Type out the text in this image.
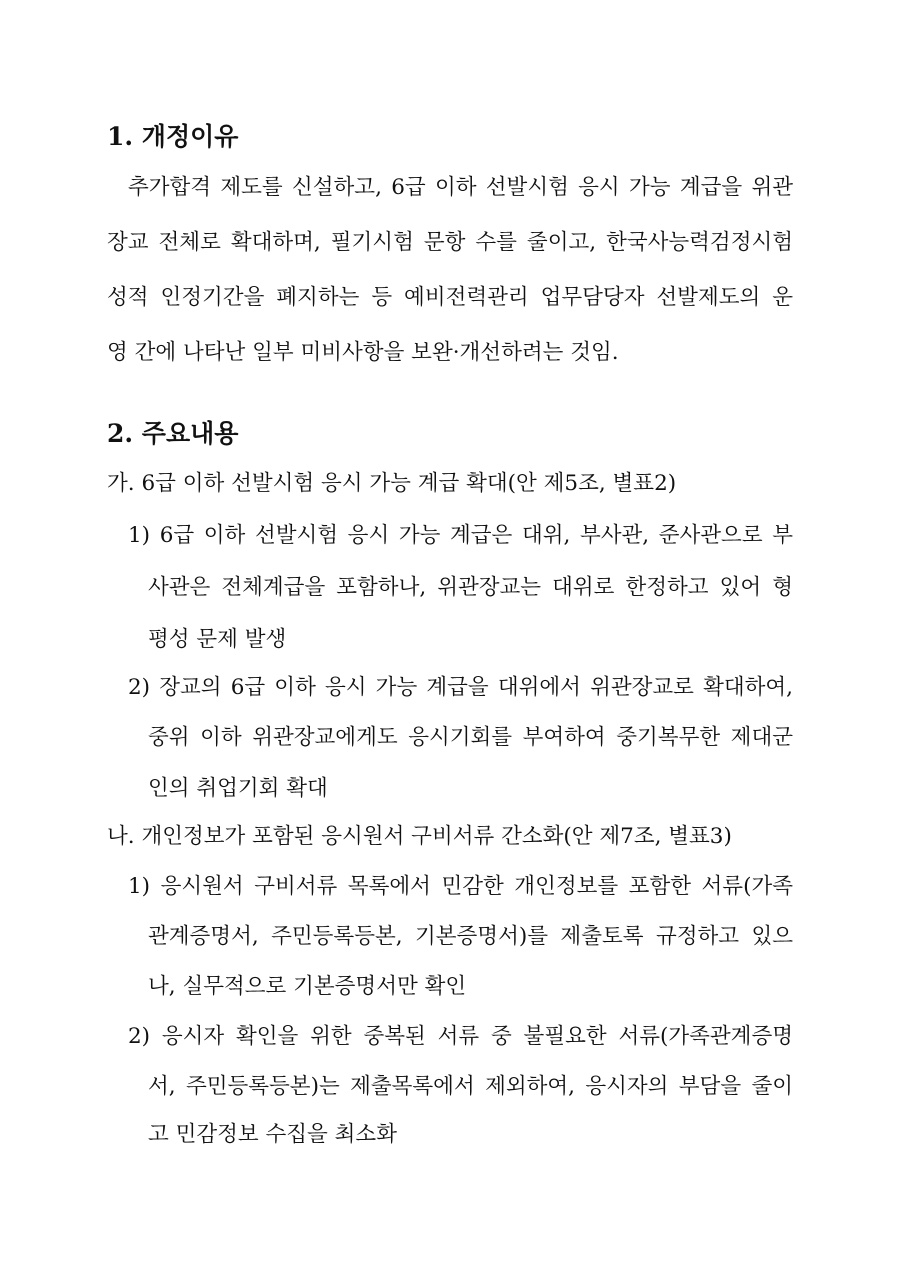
1. 개정이유
추가합격 제도를 신설하고, 6급 이하 선발시험 응시 가능 계급을 위관
장교 전체로 확대하며, 필기시험 문항 수를 줄이고, 한국사능력검정시험
성적 인정기간을 폐지하는 등 예비전력관리 업무담당자 선발제도의 운
영 간에 나타난 일부 미비사항을 보완·개선하려는 것임.
2. 주요내용
가. 6급 이하 선발시험 응시 가능 계급 확대(안 제5조, 별표2)
1) 6급 이하 선발시험 응시 가능 계급은 대위, 부사관, 준사관으로 부
사관은 전체계급을 포함하나, 위관장교는 대위로 한정하고 있어 형
평성 문제 발생
2) 장교의 6급 이하 응시 가능 계급을 대위에서 위관장교로 확대하여,
중위 이하 위관장교에게도 응시기회를 부여하여 중기복무한 제대군
인의 취업기회 확대
나. 개인정보가 포함된 응시원서 구비서류 간소화(안 제7조, 별표3)
1) 응시원서 구비서류 목록에서 민감한 개인정보를 포함한 서류(가족
관계증명서, 주민등록등본, 기본증명서)를 제출토록 규정하고 있으
나, 실무적으로 기본증명서만 확인
2) 응시자 확인을 위한 중복된 서류 중 불필요한 서류(가족관계증명
서, 주민등록등본)는 제출목록에서 제외하여, 응시자의 부담을 줄이
고 민감정보 수집을 최소화
